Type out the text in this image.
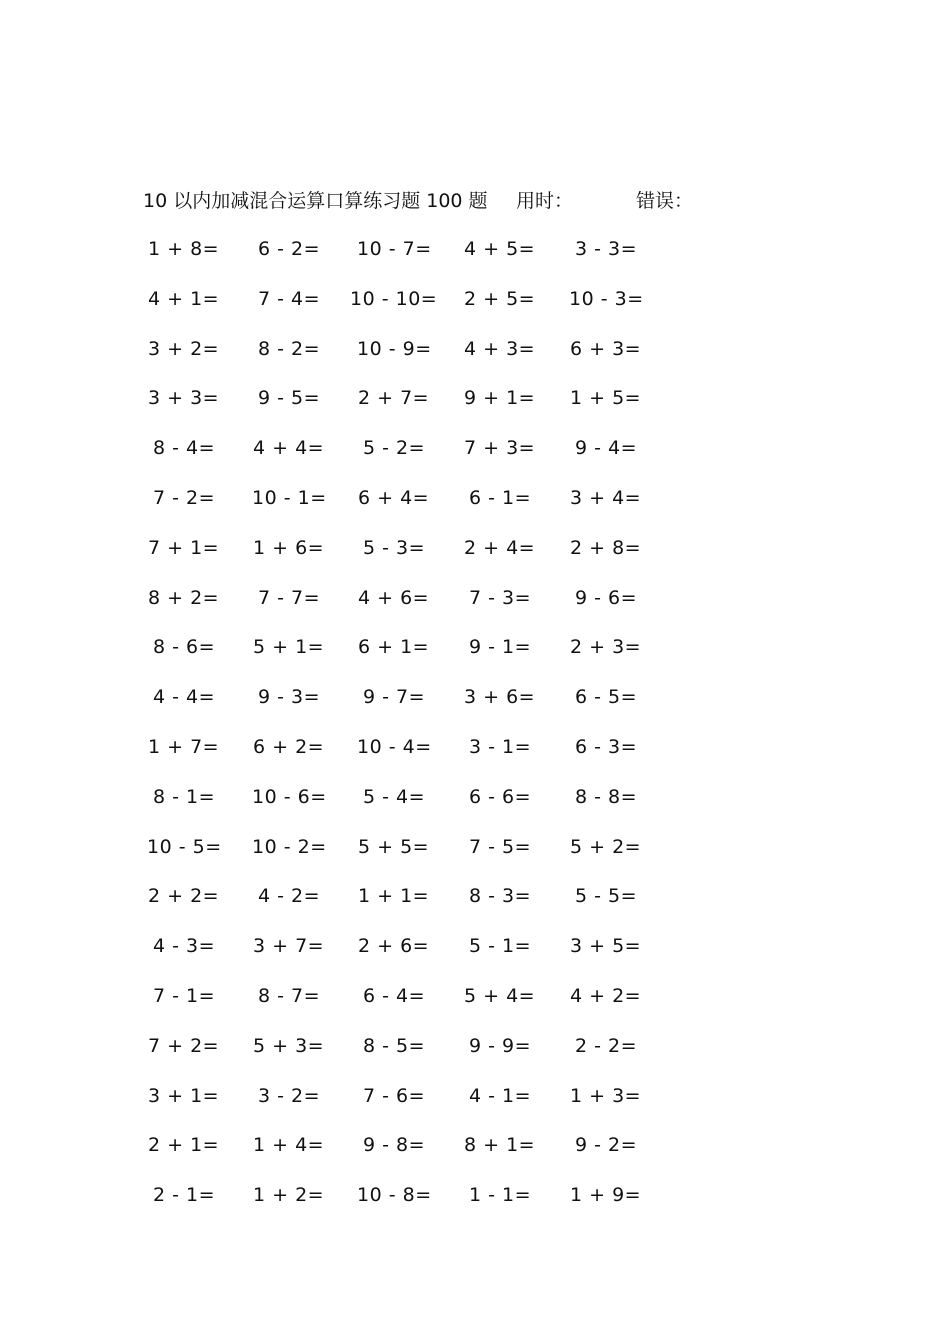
10 以内加减混合运算口算练习题 100 题 用时：	错误：
1 + 8= 6 - 2= 10 - 7= 4 + 5= 3 - 3=
4 + 1= 7 - 4= 10 - 10= 2 + 5= 10 - 3=
3 + 2= 8 - 2= 10 - 9= 4 + 3= 6 + 3=
3 + 3= 9 - 5= 2 + 7= 9 + 1= 1 + 5=
8 - 4= 4 + 4= 5 - 2= 7 + 3= 9 - 4=
7 - 2= 10 - 1= 6 + 4= 6 - 1= 3 + 4=
7 + 1= 1 + 6= 5 - 3= 2 + 4= 2 + 8=
8 + 2= 7 - 7= 4 + 6= 7 - 3= 9 - 6=
8 - 6= 5 + 1= 6 + 1= 9 - 1= 2 + 3=
4 - 4= 9 - 3= 9 - 7= 3 + 6= 6 - 5=
1 + 7= 6 + 2= 10 - 4= 3 - 1= 6 - 3=
8 - 1= 10 - 6= 5 - 4= 6 - 6= 8 - 8=
10 - 5= 10 - 2= 5 + 5= 7 - 5= 5 + 2=
2 + 2= 4 - 2= 1 + 1= 8 - 3= 5 - 5=
4 - 3= 3 + 7= 2 + 6= 5 - 1= 3 + 5=
7 - 1= 8 - 7= 6 - 4= 5 + 4= 4 + 2=
7 + 2= 5 + 3= 8 - 5= 9 - 9= 2 - 2=
3 + 1= 3 - 2= 7 - 6= 4 - 1= 1 + 3=
2 + 1= 1 + 4= 9 - 8= 8 + 1= 9 - 2=
2 - 1= 1 + 2= 10 - 8= 1 - 1= 1 + 9=
